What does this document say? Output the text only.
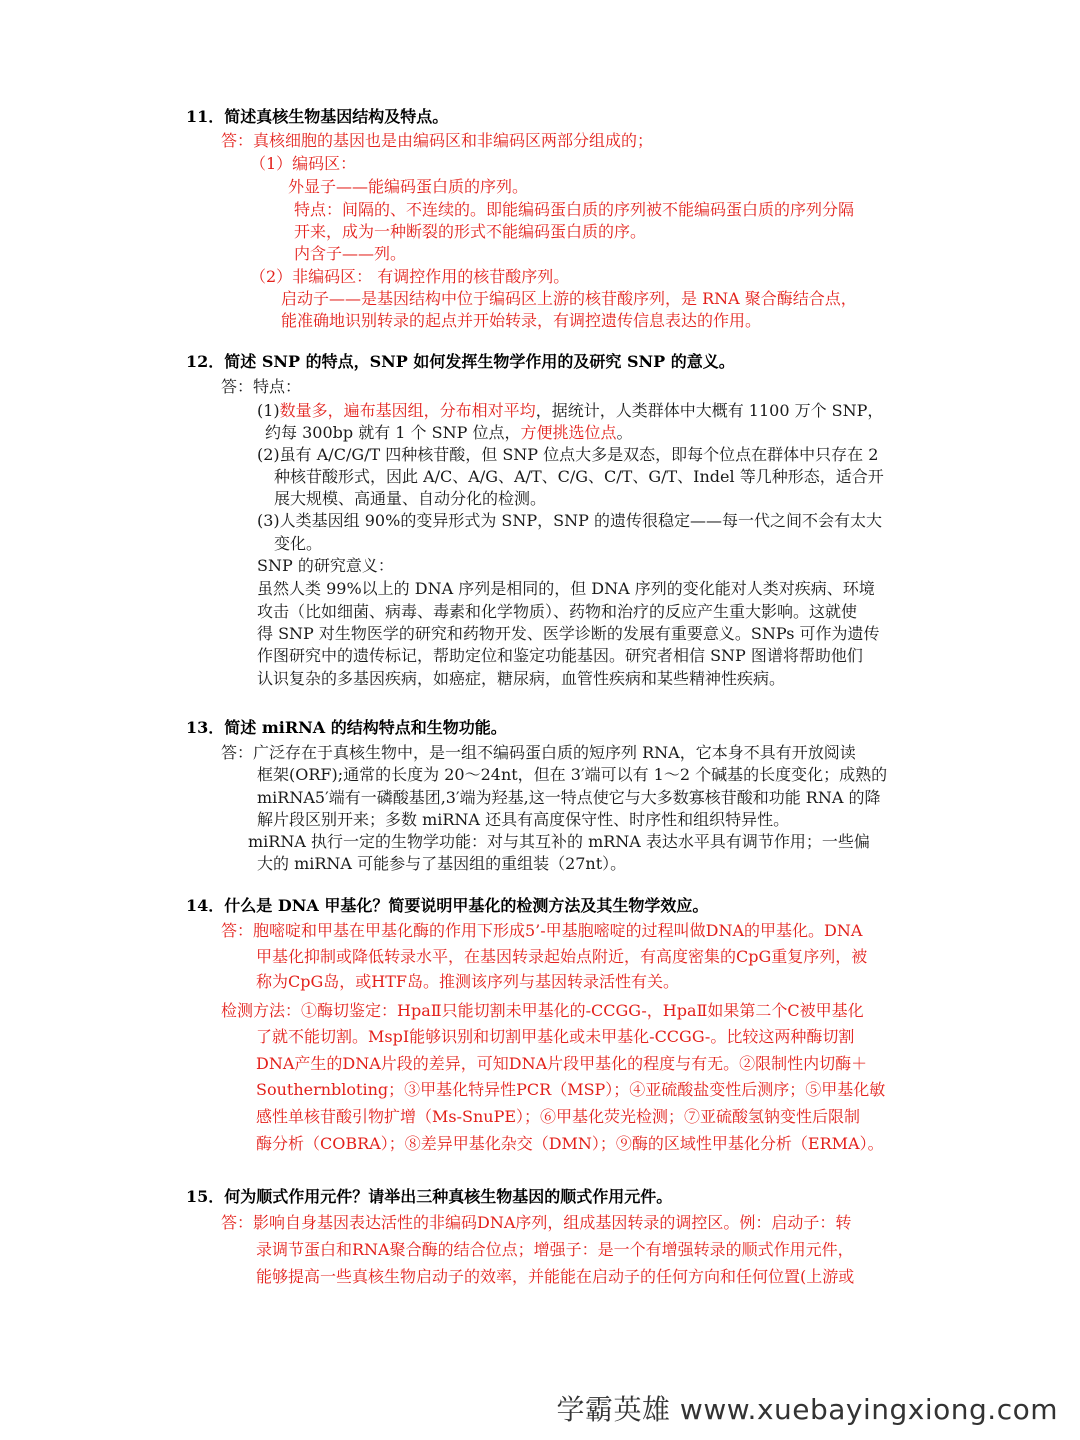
11．简述真核生物基因结构及特点。
答：真核细胞的基因也是由编码区和非编码区两部分组成的；
（1）编码区：
外显子——能编码蛋白质的序列。
特点：间隔的、不连续的。即能编码蛋白质的序列被不能编码蛋白质的序列分隔
开来，成为一种断裂的形式不能编码蛋白质的序。
内含子——列。
（2）非编码区： 有调控作用的核苷酸序列。
启动子——是基因结构中位于编码区上游的核苷酸序列，是 RNA 聚合酶结合点，
能准确地识别转录的起点并开始转录，有调控遗传信息表达的作用。
12．简述 SNP 的特点，SNP 如何发挥生物学作用的及研究 SNP 的意义。
答：特点：
(1)数量多，遍布基因组，分布相对平均，据统计，人类群体中大概有 1100 万个 SNP，
约每 300bp 就有 1 个 SNP 位点，方便挑选位点。
(2)虽有 A/C/G/T 四种核苷酸，但 SNP 位点大多是双态，即每个位点在群体中只存在 2
种核苷酸形式，因此 A/C、A/G、A/T、C/G、C/T、G/T、Indel 等几种形态，适合开
展大规模、高通量、自动分化的检测。
(3)人类基因组 90%的变异形式为 SNP，SNP 的遗传很稳定——每一代之间不会有太大
变化。
SNP 的研究意义：
虽然人类 99%以上的 DNA 序列是相同的，但 DNA 序列的变化能对人类对疾病、环境
攻击（比如细菌、病毒、毒素和化学物质）、药物和治疗的反应产生重大影响。这就使
得 SNP 对生物医学的研究和药物开发、医学诊断的发展有重要意义。SNPs 可作为遗传
作图研究中的遗传标记，帮助定位和鉴定功能基因。研究者相信 SNP 图谱将帮助他们
认识复杂的多基因疾病，如癌症，糖尿病，血管性疾病和某些精神性疾病。
13．简述 miRNA 的结构特点和生物功能。
答：广泛存在于真核生物中，是一组不编码蛋白质的短序列 RNA，它本身不具有开放阅读
框架(ORF);通常的长度为 20～24nt，但在 3′端可以有 1～2 个碱基的长度变化；成熟的
miRNA5′端有一磷酸基团,3′端为羟基,这一特点使它与大多数寡核苷酸和功能 RNA 的降
解片段区别开来；多数 miRNA 还具有高度保守性、时序性和组织特异性。
miRNA 执行一定的生物学功能：对与其互补的 mRNA 表达水平具有调节作用；一些偏
大的 miRNA 可能参与了基因组的重组装（27nt）。
14．什么是 DNA 甲基化？简要说明甲基化的检测方法及其生物学效应。
答：胞嘧啶和甲基在甲基化酶的作用下形成5’-甲基胞嘧啶的过程叫做DNA的甲基化。DNA
甲基化抑制或降低转录水平，在基因转录起始点附近，有高度密集的CpG重复序列，被
称为CpG岛，或HTF岛。推测该序列与基因转录活性有关。
检测方法：①酶切鉴定：HpaⅡ只能切割未甲基化的-CCGG-，HpaⅡ如果第二个C被甲基化
了就不能切割。MspⅠ能够识别和切割甲基化或未甲基化-CCGG-。比较这两种酶切割
DNA产生的DNA片段的差异，可知DNA片段甲基化的程度与有无。②限制性内切酶＋
Southernbloting；③甲基化特异性PCR（MSP）；④亚硫酸盐变性后测序；⑤甲基化敏
感性单核苷酸引物扩增（Ms-SnuPE）；⑥甲基化荧光检测；⑦亚硫酸氢钠变性后限制
酶分析（COBRA）；⑧差异甲基化杂交（DMN）；⑨酶的区域性甲基化分析（ERMA）。
15．何为顺式作用元件？请举出三种真核生物基因的顺式作用元件。
答：影响自身基因表达活性的非编码DNA序列，组成基因转录的调控区。例：启动子：转
录调节蛋白和RNA聚合酶的结合位点；增强子：是一个有增强转录的顺式作用元件，
能够提高一些真核生物启动子的效率，并能能在启动子的任何方向和任何位置(上游或
学霸英雄 www.xuebayingxiong.com
